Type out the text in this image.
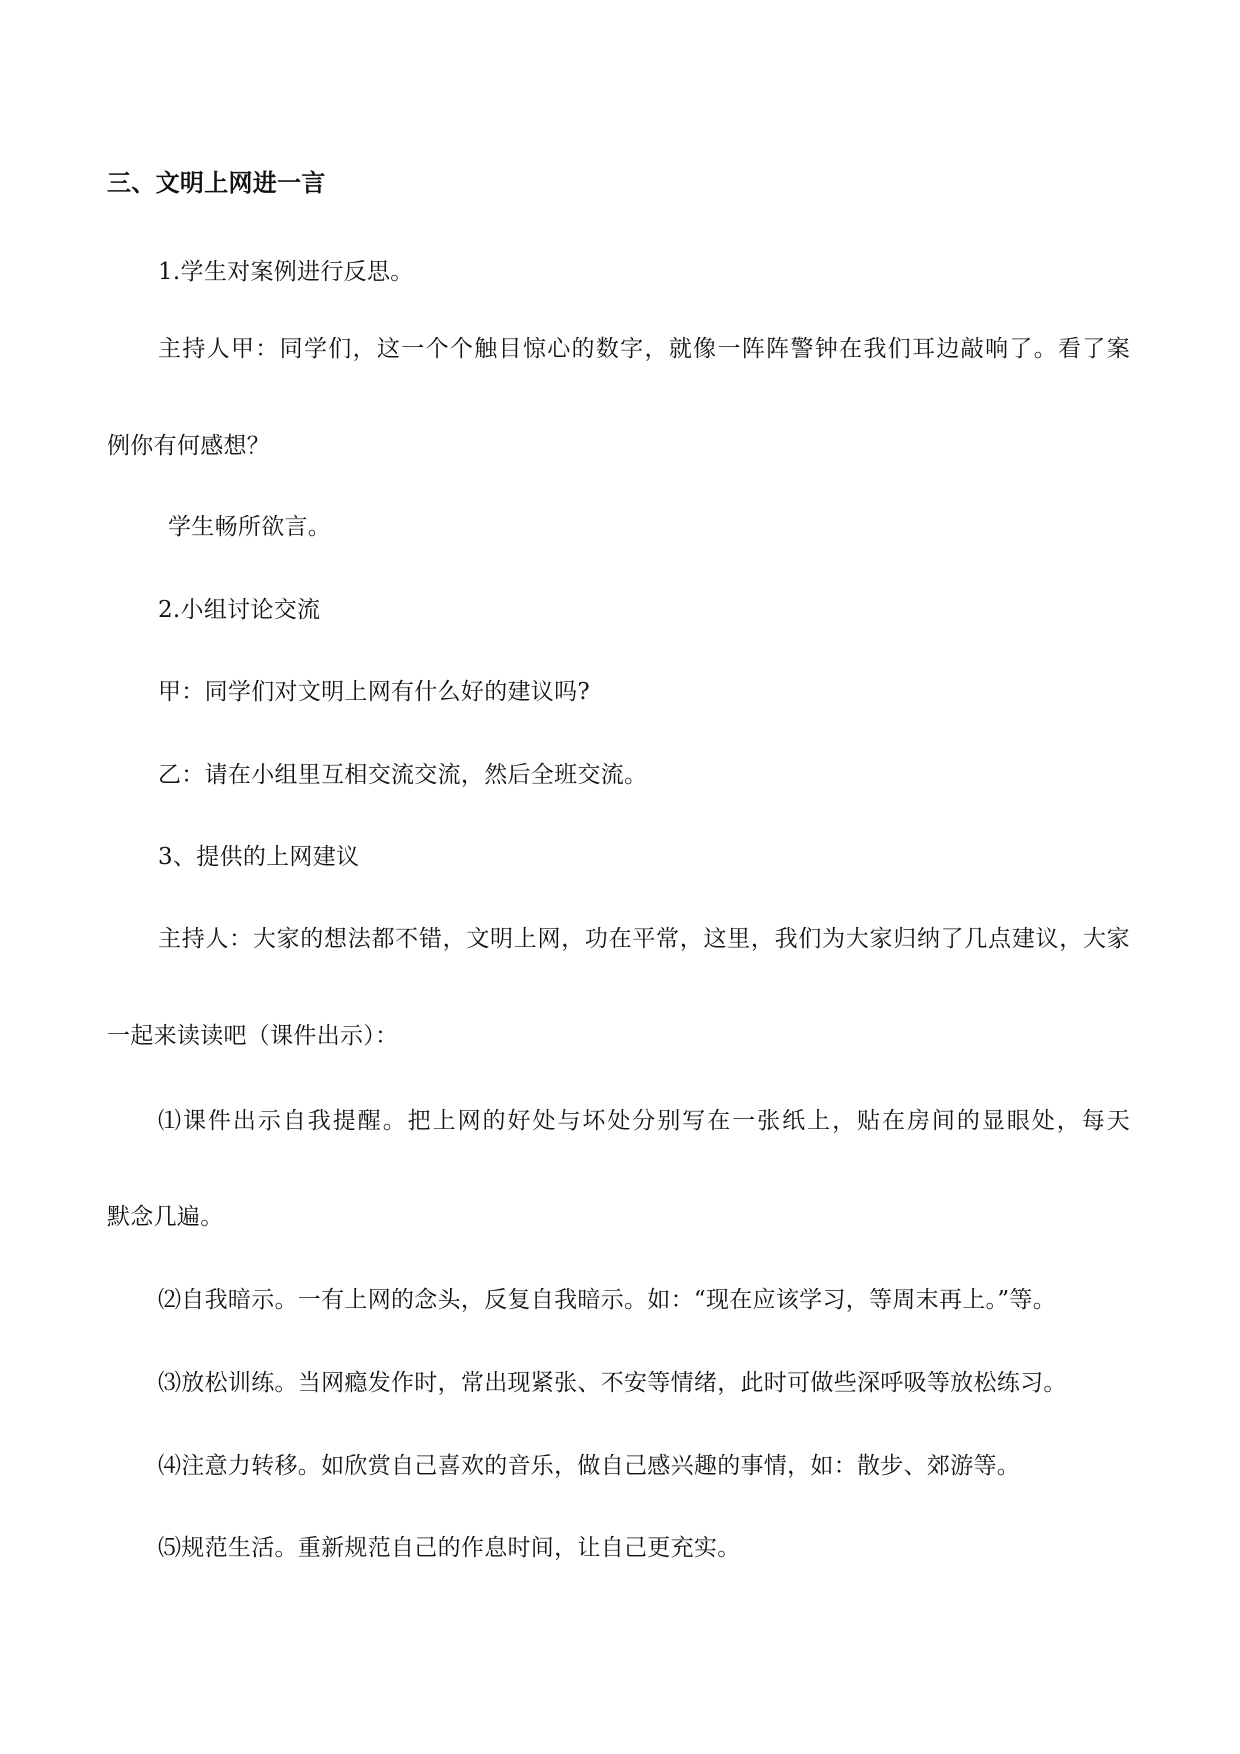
三、文明上网进一言
1.学生对案例进行反思。
主持人甲：同学们，这一个个触目惊心的数字，就像一阵阵警钟在我们耳边敲响了。看了案
例你有何感想？
学生畅所欲言。
2.小组讨论交流
甲：同学们对文明上网有什么好的建议吗?
乙：请在小组里互相交流交流，然后全班交流。
3、提供的上网建议
主持人：大家的想法都不错，文明上网，功在平常，这里，我们为大家归纳了几点建议，大家
一起来读读吧（课件出示）：
⑴课件出示自我提醒。把上网的好处与坏处分别写在一张纸上，贴在房间的显眼处，每天
默念几遍。
⑵自我暗示。一有上网的念头，反复自我暗示。如：“现在应该学习，等周末再上。”等。
⑶放松训练。当网瘾发作时，常出现紧张、不安等情绪，此时可做些深呼吸等放松练习。
⑷注意力转移。如欣赏自己喜欢的音乐，做自己感兴趣的事情，如：散步、郊游等。
⑸规范生活。重新规范自己的作息时间，让自己更充实。
